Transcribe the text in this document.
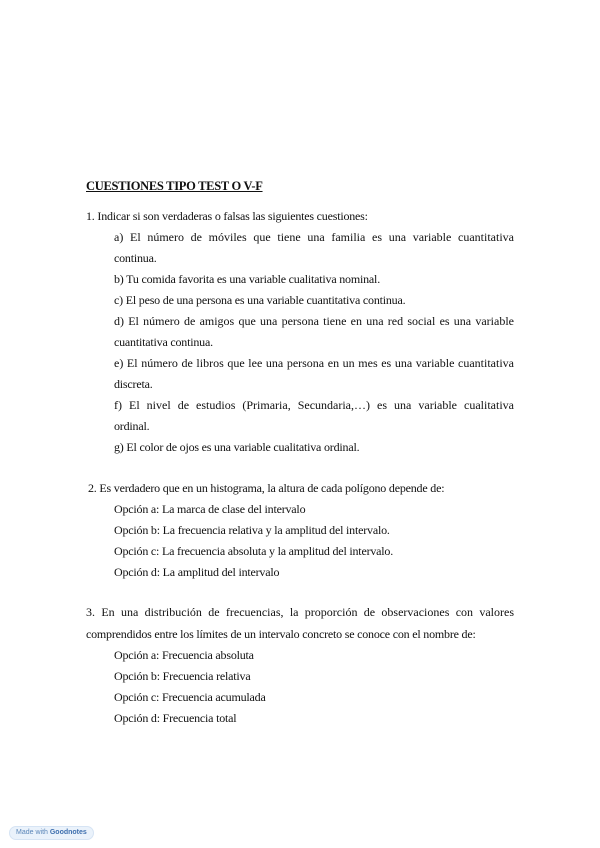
CUESTIONES TIPO TEST O V-F
1. Indicar si son verdaderas o falsas las siguientes cuestiones:
a) El número de móviles que tiene una familia es una variable cuantitativa
continua.
b) Tu comida favorita es una variable cualitativa nominal.
c) El peso de una persona es una variable cuantitativa continua.
d) El número de amigos que una persona tiene en una red social es una variable
cuantitativa continua.
e) El número de libros que lee una persona en un mes es una variable cuantitativa
discreta.
f) El nivel de estudios (Primaria, Secundaria,…) es una variable cualitativa
ordinal.
g) El color de ojos es una variable cualitativa ordinal.
2. Es verdadero que en un histograma, la altura de cada polígono depende de:
Opción a: La marca de clase del intervalo
Opción b: La frecuencia relativa y la amplitud del intervalo.
Opción c: La frecuencia absoluta y la amplitud del intervalo.
Opción d: La amplitud del intervalo
3. En una distribución de frecuencias, la proporción de observaciones con valores
comprendidos entre los límites de un intervalo concreto se conoce con el nombre de:
Opción a: Frecuencia absoluta
Opción b: Frecuencia relativa
Opción c: Frecuencia acumulada
Opción d: Frecuencia total
Made with Goodnotes
